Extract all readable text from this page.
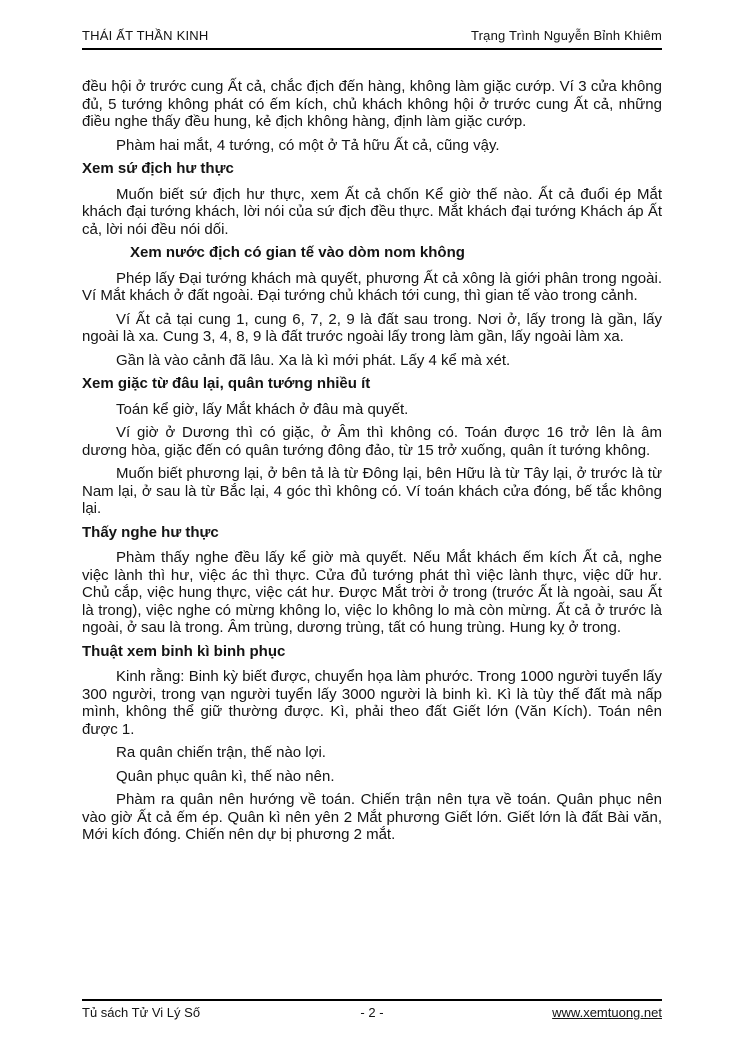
THÁI ẤT THẦN KINH	Trạng Trình Nguyễn Bỉnh Khiêm

đều hội ở trước cung Ất cả, chắc địch đến hàng, không làm giặc cướp. Ví 3 cửa không đủ, 5 tướng không phát có ếm kích, chủ khách không hội ở trước cung Ất cả, những điều nghe thấy đều hung, kẻ địch không hàng, định làm giặc cướp.

Phàm hai mắt, 4 tướng, có một ở Tả hữu Ất cả, cũng vậy.

Xem sứ địch hư thực

Muốn biết sứ địch hư thực, xem Ất cả chốn Kể giờ thế nào. Ất cả đuổi ép Mắt khách đại tướng khách, lời nói của sứ địch đều thực. Mắt khách đại tướng Khách áp Ất cả, lời nói đều nói dối.

Xem nước địch có gian tế vào dòm nom không

Phép lấy Đại tướng khách mà quyết, phương Ất cả xông là giới phân trong ngoài. Ví Mắt khách ở đất ngoài. Đại tướng chủ khách tới cung, thì gian tế vào trong cảnh.

Ví Ất cả tại cung 1, cung 6, 7, 2, 9 là đất sau trong. Nơi ở, lấy trong là gần, lấy ngoài là xa. Cung 3, 4, 8, 9 là đất trước ngoài lấy trong làm gần, lấy ngoài làm xa.

Gần là vào cảnh đã lâu. Xa là kì mới phát. Lấy 4 kể mà xét.

Xem giặc từ đâu lại, quân tướng nhiều ít

Toán kể giờ, lấy Mắt khách ở đâu mà quyết.

Ví giờ ở Dương thì có giặc, ở Âm thì không có. Toán được 16 trở lên là âm dương hòa, giặc đến có quân tướng đông đảo, từ 15 trở xuống, quân ít tướng không.

Muốn biết phương lại, ở bên tả là từ Đông lại, bên Hữu là từ Tây lại, ở trước là từ Nam lại, ở sau là từ Bắc lại, 4 góc thì không có. Ví toán khách cửa đóng, bế tắc không lại.

Thấy nghe hư thực

Phàm thấy nghe đều lấy kể giờ mà quyết. Nếu Mắt khách ếm kích Ất cả, nghe việc lành thì hư, việc ác thì thực. Cửa đủ tướng phát thì việc lành thực, việc dữ hư. Chủ cắp, việc hung thực, việc cát hư. Được Mắt trời ở trong (trước Ất là ngoài, sau Ất là trong), việc nghe có mừng không lo, việc lo không lo mà còn mừng. Ất cả ở trước là ngoài, ở sau là trong. Âm trùng, dương trùng, tất có hung trùng. Hung kỵ ở trong.

Thuật xem binh kì binh phục

Kinh rằng: Binh kỳ biết được, chuyển họa làm phước. Trong 1000 người tuyển lấy 300 người, trong vạn người tuyển lấy 3000 người là binh kì. Kì là tùy thế đất mà nấp mình, không thể giữ thường được. Kì, phải theo đất Giết lớn (Văn Kích). Toán nên được 1.

Ra quân chiến trận, thế nào lợi.

Quân phục quân kì, thế nào nên.

Phàm ra quân nên hướng về toán. Chiến trận nên tựa về toán. Quân phục nên vào giờ Ất cả ếm ép. Quân kì nên yên 2 Mắt phương Giết lớn. Giết lớn là đất Bài văn, Mới kích đóng. Chiến nên dự bị phương 2 mắt.

Tủ sách Tử Vi Lý Số	- 2 -	www.xemtuong.net
